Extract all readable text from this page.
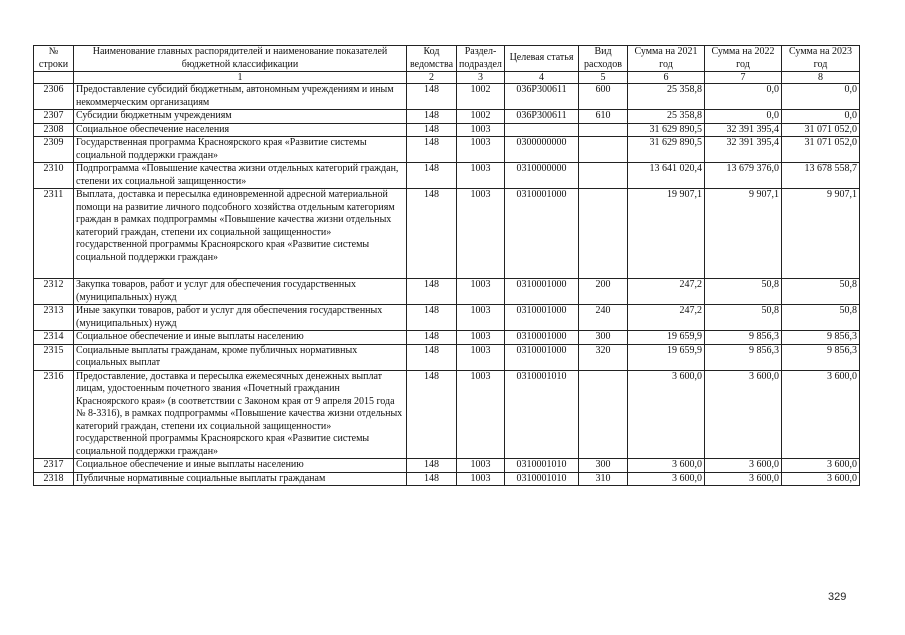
№ строки	Наименование главных распорядителей и наименование показателей бюджетной классификации	Код ведомства	Раздел-подраздел	Целевая статья	Вид расходов	Сумма на 2021 год	Сумма на 2022 год	Сумма на 2023 год
	1	2	3	4	5	6	7	8
2306	Предоставление субсидий бюджетным, автономным учреждениям и иным некоммерческим организациям	148	1002	036Р300611	600	25 358,8	0,0	0,0
2307	Субсидии бюджетным учреждениям	148	1002	036Р300611	610	25 358,8	0,0	0,0
2308	Социальное обеспечение населения	148	1003			31 629 890,5	32 391 395,4	31 071 052,0
2309	Государственная программа Красноярского края «Развитие системы социальной поддержки граждан»	148	1003	0300000000		31 629 890,5	32 391 395,4	31 071 052,0
2310	Подпрограмма «Повышение качества жизни отдельных категорий граждан, степени их социальной защищенности»	148	1003	0310000000		13 641 020,4	13 679 376,0	13 678 558,7
2311	Выплата, доставка и пересылка единовременной адресной материальной помощи на развитие личного подсобного хозяйства отдельным категориям граждан в рамках подпрограммы «Повышение качества жизни отдельных категорий граждан, степени их социальной защищенности» государственной программы Красноярского края «Развитие системы социальной поддержки граждан»	148	1003	0310001000		19 907,1	9 907,1	9 907,1
2312	Закупка товаров, работ и услуг для обеспечения государственных (муниципальных) нужд	148	1003	0310001000	200	247,2	50,8	50,8
2313	Иные закупки товаров, работ и услуг для обеспечения государственных (муниципальных) нужд	148	1003	0310001000	240	247,2	50,8	50,8
2314	Социальное обеспечение и иные выплаты населению	148	1003	0310001000	300	19 659,9	9 856,3	9 856,3
2315	Социальные выплаты гражданам, кроме публичных нормативных социальных выплат	148	1003	0310001000	320	19 659,9	9 856,3	9 856,3
2316	Предоставление, доставка и пересылка ежемесячных денежных выплат лицам, удостоенным почетного звания «Почетный гражданин Красноярского края» (в соответствии с Законом края от 9 апреля 2015 года № 8-3316), в рамках подпрограммы «Повышение качества жизни отдельных категорий граждан, степени их социальной защищенности» государственной программы Красноярского края «Развитие системы социальной поддержки граждан»	148	1003	0310001010		3 600,0	3 600,0	3 600,0
2317	Социальное обеспечение и иные выплаты населению	148	1003	0310001010	300	3 600,0	3 600,0	3 600,0
2318	Публичные нормативные социальные выплаты гражданам	148	1003	0310001010	310	3 600,0	3 600,0	3 600,0
329
